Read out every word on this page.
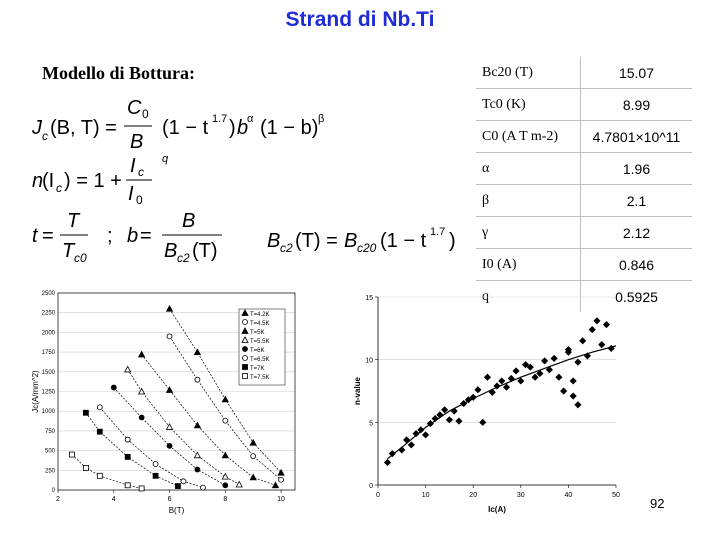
Strand di Nb.Ti
Modello di Bottura:
J c (B, T) =
C 0
B
(1 − t 1.7 ) b
α (1 − b) β
n
(I c ) = 1 +
I c
I 0
q
t =
T
T c0
; b =
B
B c2 (T) B c2 (T) = B c20 (1 − t 1.7 )
Bc20 (T)	15.07
Tc0 (K)	8.99
C0 (A T m-2)	4.7801×10^11
α	1.96
β	2.1
γ	2.12
I0 (A)	0.846
q	0.5925
0
250
500
750
1000
1250
1500
1750
2000
2250
2500
2	4	6	8	10
B(T)
Jc(A/mm^2)
T=4.2K
T=4.5K
T=5K
T=5.5K
T=6K
T=6.5K
T=7K
T=7.5K
0
5
10
15
0	10	20	30	40	50
Ic(A)
n-value
92
